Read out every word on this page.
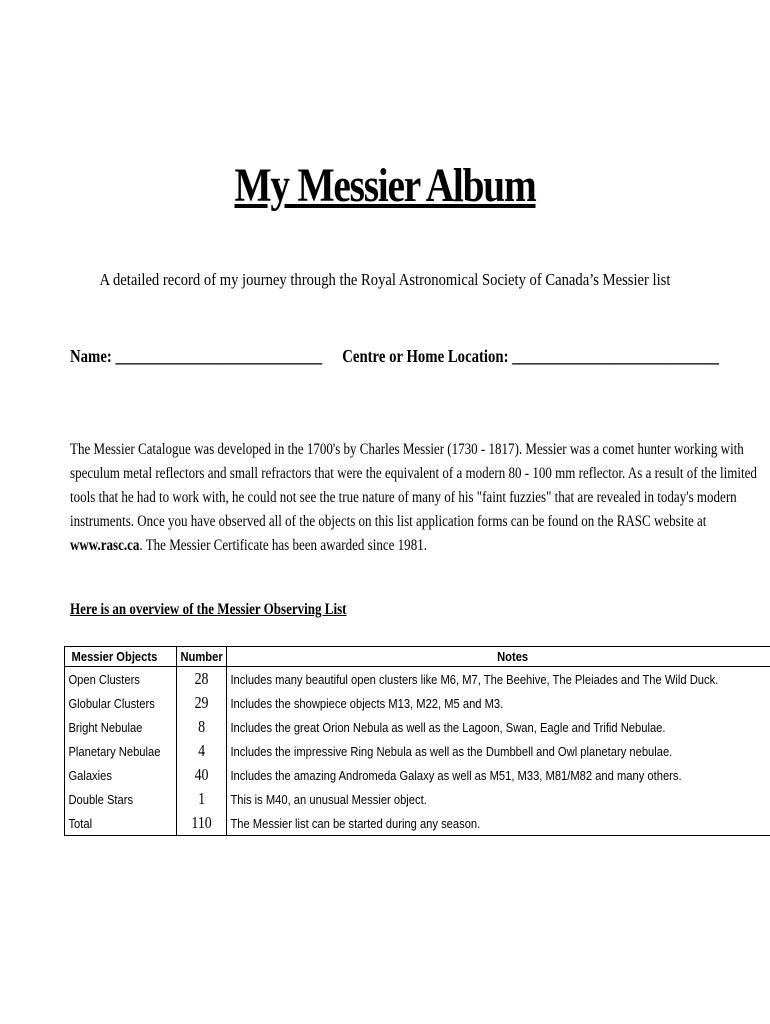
My Messier Album
A detailed record of my journey through the Royal Astronomical Society of Canada’s Messier list
Name: ____________________________ Centre or Home Location: ____________________________
The Messier Catalogue was developed in the 1700's by Charles Messier (1730 - 1817). Messier was a comet hunter working with
speculum metal reflectors and small refractors that were the equivalent of a modern 80 - 100 mm reflector. As a result of the limited
tools that he had to work with, he could not see the true nature of many of his "faint fuzzies" that are revealed in today's modern
instruments. Once you have observed all of the objects on this list application forms can be found on the RASC website at
www.rasc.ca. The Messier Certificate has been awarded since 1981.
Here is an overview of the Messier Observing List
Messier Objects	Number	Notes

Open Clusters	28	Includes many beautiful open clusters like M6, M7, The Beehive, The Pleiades and The Wild Duck.

Globular Clusters	29	Includes the showpiece objects M13, M22, M5 and M3.

Bright Nebulae	8	Includes the great Orion Nebula as well as the Lagoon, Swan, Eagle and Trifid Nebulae.

Planetary Nebulae	4	Includes the impressive Ring Nebula as well as the Dumbbell and Owl planetary nebulae.

Galaxies	40	Includes the amazing Andromeda Galaxy as well as M51, M33, M81/M82 and many others.

Double Stars	1	This is M40, an unusual Messier object.

Total	110	The Messier list can be started during any season.
